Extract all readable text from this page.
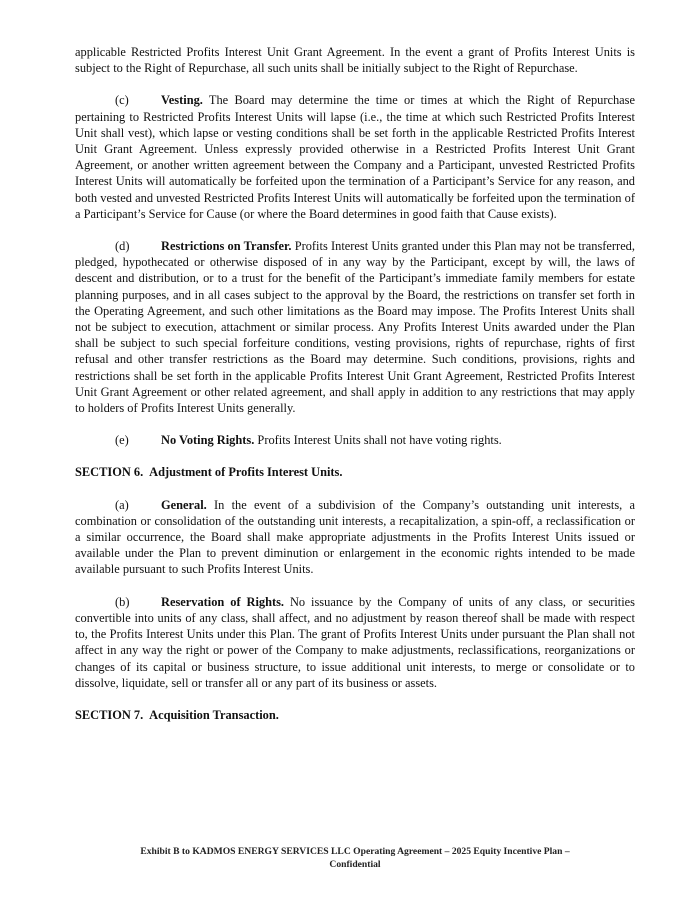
applicable Restricted Profits Interest Unit Grant Agreement. In the event a grant of Profits Interest Units is subject to the Right of Repurchase, all such units shall be initially subject to the Right of Repurchase.

(c)	Vesting. The Board may determine the time or times at which the Right of Repurchase pertaining to Restricted Profits Interest Units will lapse (i.e., the time at which such Restricted Profits Interest Unit shall vest), which lapse or vesting conditions shall be set forth in the applicable Restricted Profits Interest Unit Grant Agreement. Unless expressly provided otherwise in a Restricted Profits Interest Unit Grant Agreement, or another written agreement between the Company and a Participant, unvested Restricted Profits Interest Units will automatically be forfeited upon the termination of a Participant’s Service for any reason, and both vested and unvested Restricted Profits Interest Units will automatically be forfeited upon the termination of a Participant’s Service for Cause (or where the Board determines in good faith that Cause exists).

(d)	Restrictions on Transfer. Profits Interest Units granted under this Plan may not be transferred, pledged, hypothecated or otherwise disposed of in any way by the Participant, except by will, the laws of descent and distribution, or to a trust for the benefit of the Participant’s immediate family members for estate planning purposes, and in all cases subject to the approval by the Board, the restrictions on transfer set forth in the Operating Agreement, and such other limitations as the Board may impose. The Profits Interest Units shall not be subject to execution, attachment or similar process. Any Profits Interest Units awarded under the Plan shall be subject to such special forfeiture conditions, vesting provisions, rights of repurchase, rights of first refusal and other transfer restrictions as the Board may determine. Such conditions, provisions, rights and restrictions shall be set forth in the applicable Profits Interest Unit Grant Agreement, Restricted Profits Interest Unit Grant Agreement or other related agreement, and shall apply in addition to any restrictions that may apply to holders of Profits Interest Units generally.

(e)	No Voting Rights. Profits Interest Units shall not have voting rights.

SECTION 6. Adjustment of Profits Interest Units.

(a)	General. In the event of a subdivision of the Company’s outstanding unit interests, a combination or consolidation of the outstanding unit interests, a recapitalization, a spin-off, a reclassification or a similar occurrence, the Board shall make appropriate adjustments in the Profits Interest Units issued or available under the Plan to prevent diminution or enlargement in the economic rights intended to be made available pursuant to such Profits Interest Units.

(b)	Reservation of Rights. No issuance by the Company of units of any class, or securities convertible into units of any class, shall affect, and no adjustment by reason thereof shall be made with respect to, the Profits Interest Units under this Plan. The grant of Profits Interest Units under pursuant the Plan shall not affect in any way the right or power of the Company to make adjustments, reclassifications, reorganizations or changes of its capital or business structure, to issue additional unit interests, to merge or consolidate or to dissolve, liquidate, sell or transfer all or any part of its business or assets.

SECTION 7. Acquisition Transaction.

Exhibit B to KADMOS ENERGY SERVICES LLC Operating Agreement – 2025 Equity Incentive Plan –
Confidential
